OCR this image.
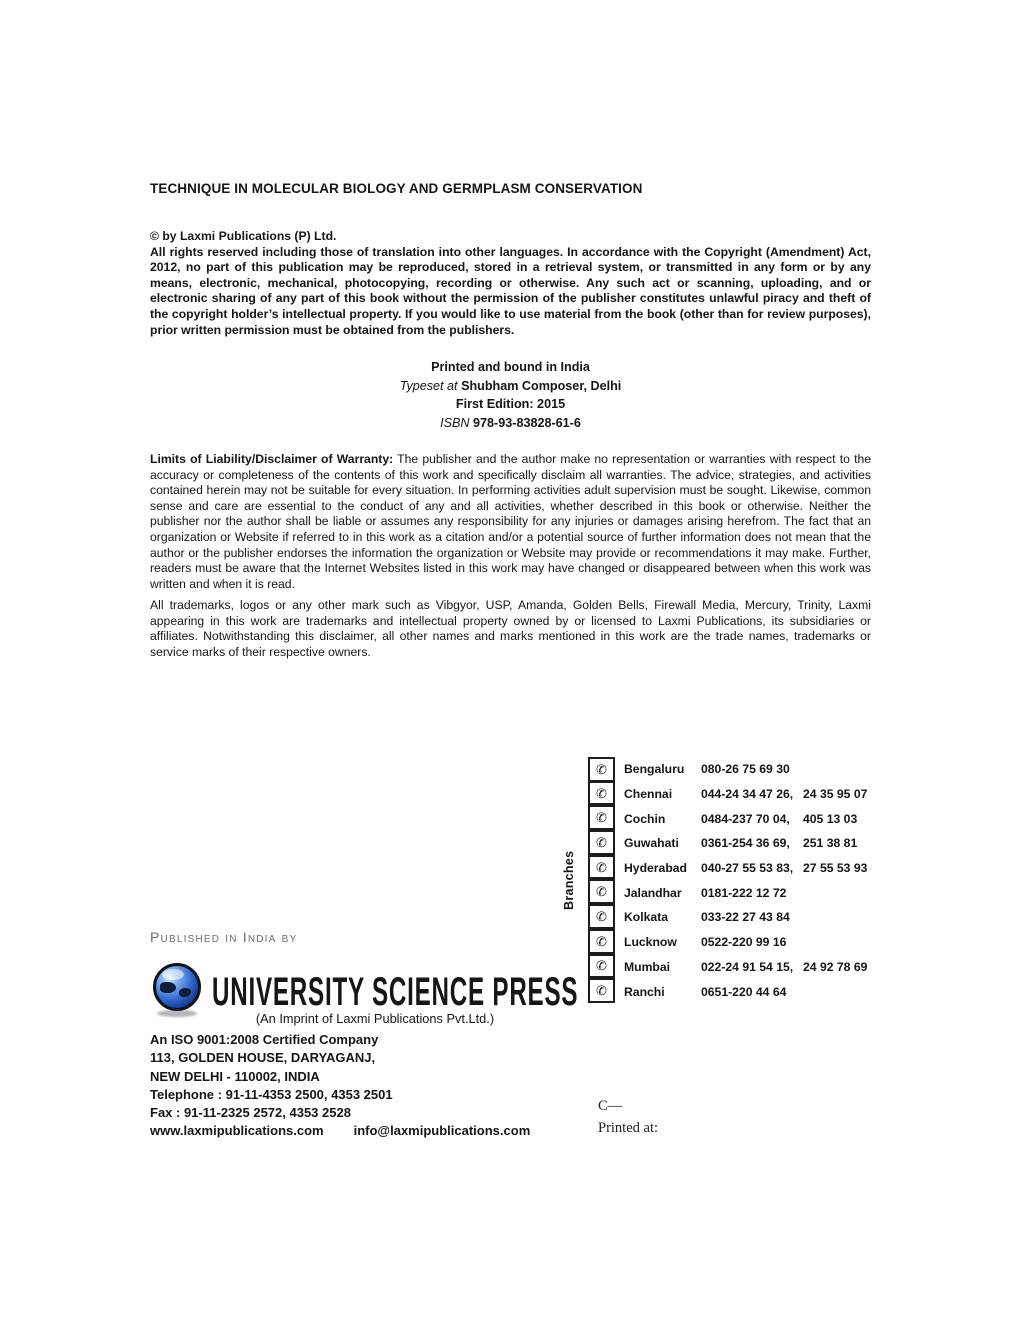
TECHNIQUE IN MOLECULAR BIOLOGY AND GERMPLASM CONSERVATION
© by Laxmi Publications (P) Ltd.
All rights reserved including those of translation into other languages. In accordance with the Copyright (Amendment) Act, 2012, no part of this publication may be reproduced, stored in a retrieval system, or transmitted in any form or by any means, electronic, mechanical, photocopying, recording or otherwise. Any such act or scanning, uploading, and or electronic sharing of any part of this book without the permission of the publisher constitutes unlawful piracy and theft of the copyright holder’s intellectual property. If you would like to use material from the book (other than for review purposes), prior written permission must be obtained from the publishers.
Printed and bound in India
Typeset at Shubham Composer, Delhi
First Edition: 2015
ISBN 978-93-83828-61-6
Limits of Liability/Disclaimer of Warranty: The publisher and the author make no representation or warranties with respect to the accuracy or completeness of the contents of this work and specifically disclaim all warranties. The advice, strategies, and activities contained herein may not be suitable for every situation. In performing activities adult supervision must be sought. Likewise, common sense and care are essential to the conduct of any and all activities, whether described in this book or otherwise. Neither the publisher nor the author shall be liable or assumes any responsibility for any injuries or damages arising herefrom. The fact that an organization or Website if referred to in this work as a citation and/or a potential source of further information does not mean that the author or the publisher endorses the information the organization or Website may provide or recommendations it may make. Further, readers must be aware that the Internet Websites listed in this work may have changed or disappeared between when this work was written and when it is read.
All trademarks, logos or any other mark such as Vibgyor, USP, Amanda, Golden Bells, Firewall Media, Mercury, Trinity, Laxmi appearing in this work are trademarks and intellectual property owned by or licensed to Laxmi Publications, its subsidiaries or affiliates. Notwithstanding this disclaimer, all other names and marks mentioned in this work are the trade names, trademarks or service marks of their respective owners.
Branches
✆	Bengaluru	080-26 75 69 30
✆	Chennai	044-24 34 47 26, 24 35 95 07
✆	Cochin	0484-237 70 04,	405 13 03
✆	Guwahati	0361-254 36 69,	251 38 81
✆	Hyderabad	040-27 55 53 83, 27 55 53 93
✆	Jalandhar	0181-222 12 72
✆	Kolkata	033-22 27 43 84
✆	Lucknow	0522-220 99 16
✆	Mumbai	022-24 91 54 15, 24 92 78 69
✆	Ranchi	0651-220 44 64
Published in India by
UNIVERSITY SCIENCE PRESS
(An Imprint of Laxmi Publications Pvt.Ltd.)
An ISO 9001:2008 Certified Company
113, GOLDEN HOUSE, DARYAGANJ,
NEW DELHI - 110002, INDIA
Telephone : 91-11-4353 2500, 4353 2501
Fax : 91-11-2325 2572, 4353 2528
www.laxmipublications.com info@laxmipublications.com
C—
Printed at:
